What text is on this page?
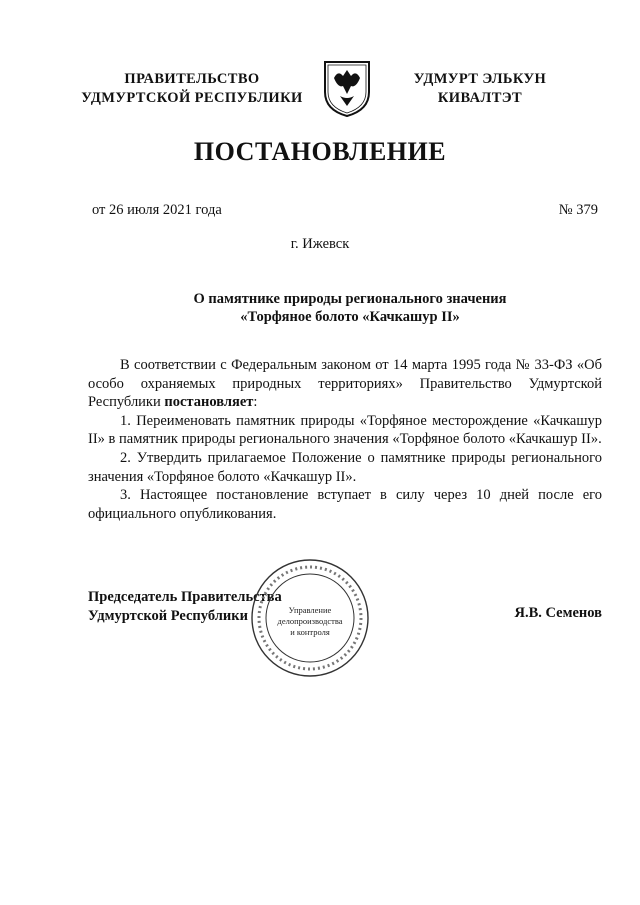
ПРАВИТЕЛЬСТВО
УДМУРТСКОЙ РЕСПУБЛИКИ
УДМУРТ ЭЛЬКУН
КИВАЛТЭТ
ПОСТАНОВЛЕНИЕ
от 26 июля 2021 года	№ 379
г. Ижевск
О памятнике природы регионального значения
«Торфяное болото «Качкашур II»

В соответствии с Федеральным законом от 14 марта 1995 года № 33-ФЗ «Об особо охраняемых природных территориях» Правительство Удмуртской Республики постановляет:

1. Переименовать памятник природы «Торфяное месторождение «Качкашур II» в памятник природы регионального значения «Торфяное болото «Качкашур II».

2. Утвердить прилагаемое Положение о памятнике природы регионального значения «Торфяное болото «Качкашур II».

3. Настоящее постановление вступает в силу через 10 дней после его официального опубликования.

Председатель Правительства
Удмуртской Республики	Управление
делопроизводства
и контроля
Я.В. Семенов
